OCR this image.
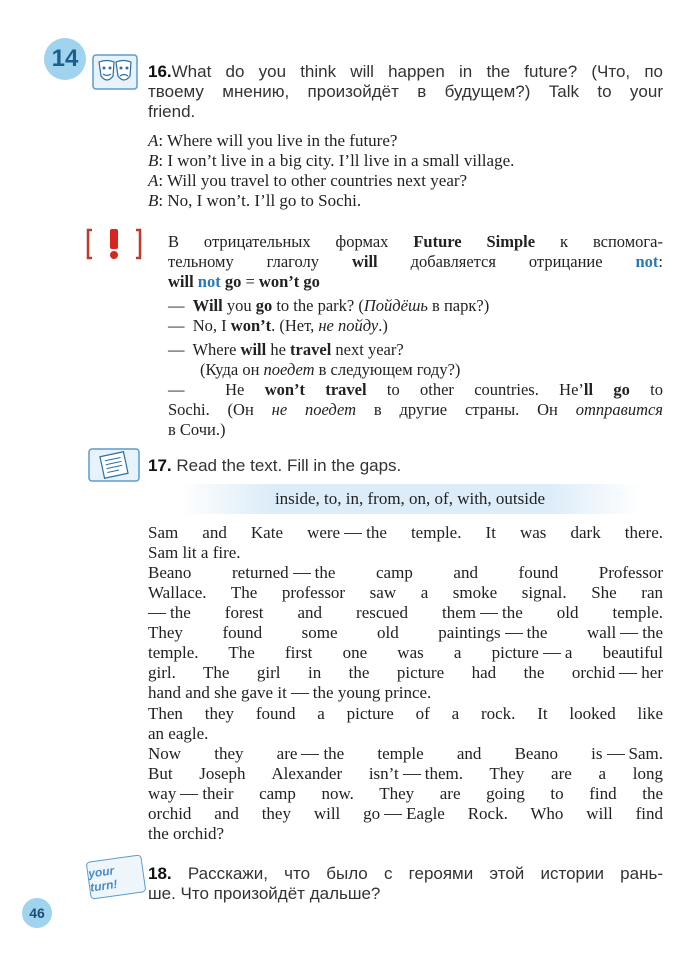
14	16.What do you think will happen in the future? (Что, по
твоему мнению, произойдёт в будущем?) Talk to your
friend.
A: Where will you live in the future?
B: I won’t live in a big city. I’ll live in a small village.
A: Will you travel to other countries next year?
B: No, I won’t. I’ll go to Sochi.
В отрицательных формах Future Simple к вспомога-
тельному глаголу will добавляется отрицание not:
will not go = won’t go
— Will you go to the park? (Пойдёшь в парк?)
— No, I won’t. (Нет, не пойду.)
— Where will he travel next year?
(Куда он поедет в следующем году?)
— He won’t travel to other countries. He’ll go to
Sochi. (Он не поедет в другие страны. Он отправится
в Сочи.)
17. Read the text. Fill in the gaps.
inside, to, in, from, on, of, with, outside
Sam and Kate were the temple. It was dark there.
Sam lit a fire.
Beano returned the camp and found Professor
Wallace. The professor saw a smoke signal. She ran
the forest and rescued them the old temple.
They found some old paintings the wall the
temple. The first one was a picture a beautiful
girl. The girl in the picture had the orchid her
hand and she gave it the young prince.
Then they found a picture of a rock. It looked like
an eagle.
Now they are the temple and Beano is Sam.
But Joseph Alexander isn’t them. They are a long
way their camp now. They are going to find the
orchid and they will go Eagle Rock. Who will find
the orchid?
your turn!
18. Расскажи, что было с героями этой истории рань-
ше. Что произойдёт дальше?
46
